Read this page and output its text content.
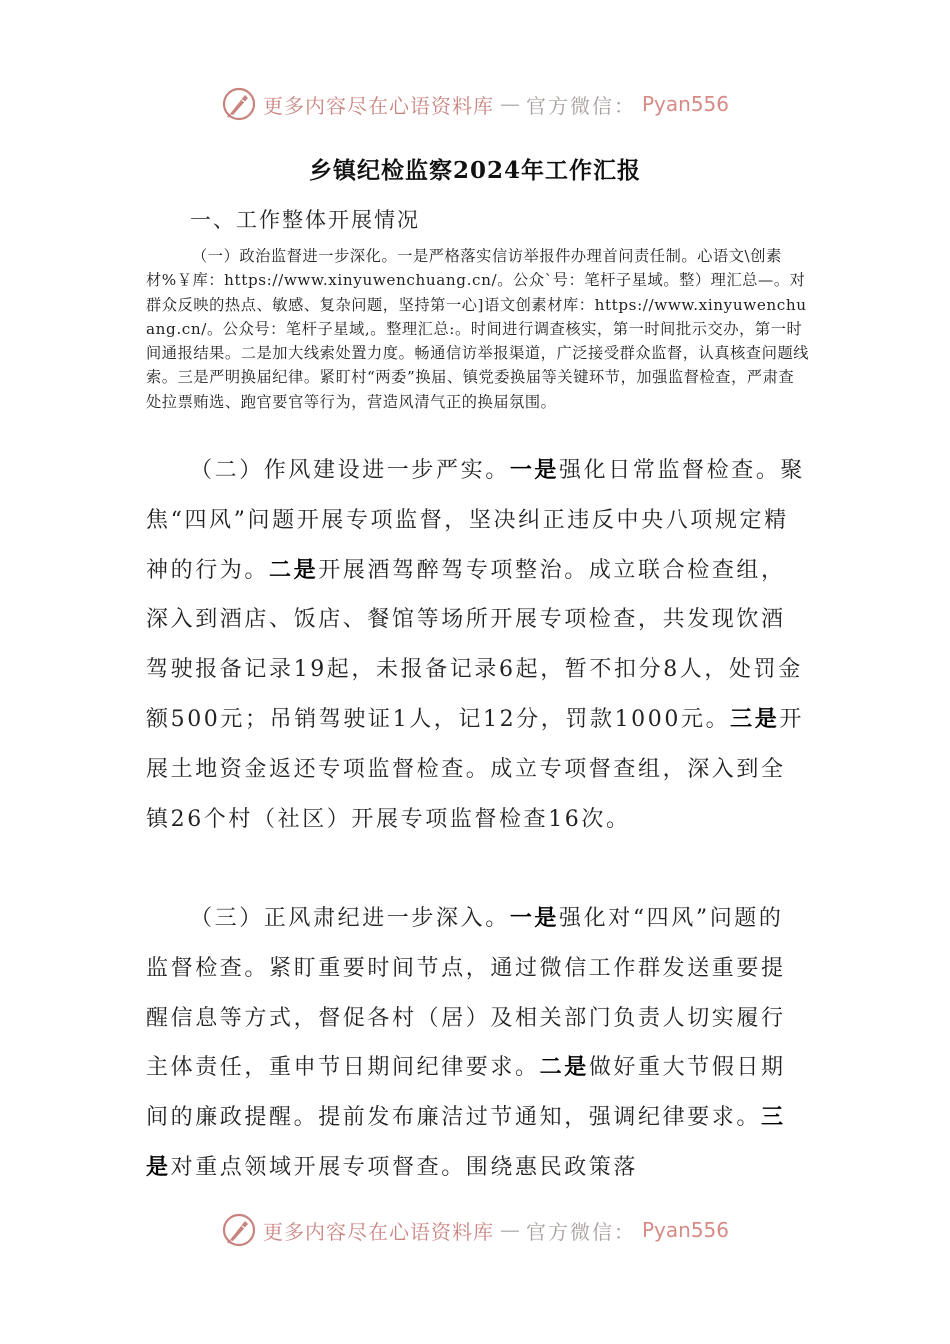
更多内容尽在心语资料库 — 官方微信： Pyan556
乡镇纪检监察2024年工作汇报
一、工作整体开展情况
（一）政治监督进一步深化。一是严格落实信访举报件办理首问责任制。心语文\创素材%￥库：https://www.xinyuwenchuang.cn/。公众`号：笔杆子星域。整）理汇总—。对群众反映的热点、敏感、复杂问题，坚持第一心]语文创素材库：https://www.xinyuwenchuang.cn/。公众号：笔杆子星域,。整理汇总:。时间进行调查核实，第一时间批示交办，第一时间通报结果。二是加大线索处置力度。畅通信访举报渠道，广泛接受群众监督，认真核查问题线索。三是严明换届纪律。紧盯村“两委”换届、镇党委换届等关键环节，加强监督检查，严肃查处拉票贿选、跑官要官等行为，营造风清气正的换届氛围。
（二）作风建设进一步严实。一是强化日常监督检查。聚焦“四风”问题开展专项监督，坚决纠正违反中央八项规定精神的行为。二是开展酒驾醉驾专项整治。成立联合检查组，深入到酒店、饭店、餐馆等场所开展专项检查，共发现饮酒驾驶报备记录19起，未报备记录6起，暂不扣分8人，处罚金额500元；吊销驾驶证1人，记12分，罚款1000元。三是开展土地资金返还专项监督检查。成立专项督查组，深入到全镇26个村（社区）开展专项监督检查16次。
（三）正风肃纪进一步深入。一是强化对“四风”问题的监督检查。紧盯重要时间节点，通过微信工作群发送重要提醒信息等方式，督促各村（居）及相关部门负责人切实履行主体责任，重申节日期间纪律要求。二是做好重大节假日期间的廉政提醒。提前发布廉洁过节通知，强调纪律要求。三是对重点领域开展专项督查。围绕惠民政策落
更多内容尽在心语资料库 — 官方微信： Pyan556
